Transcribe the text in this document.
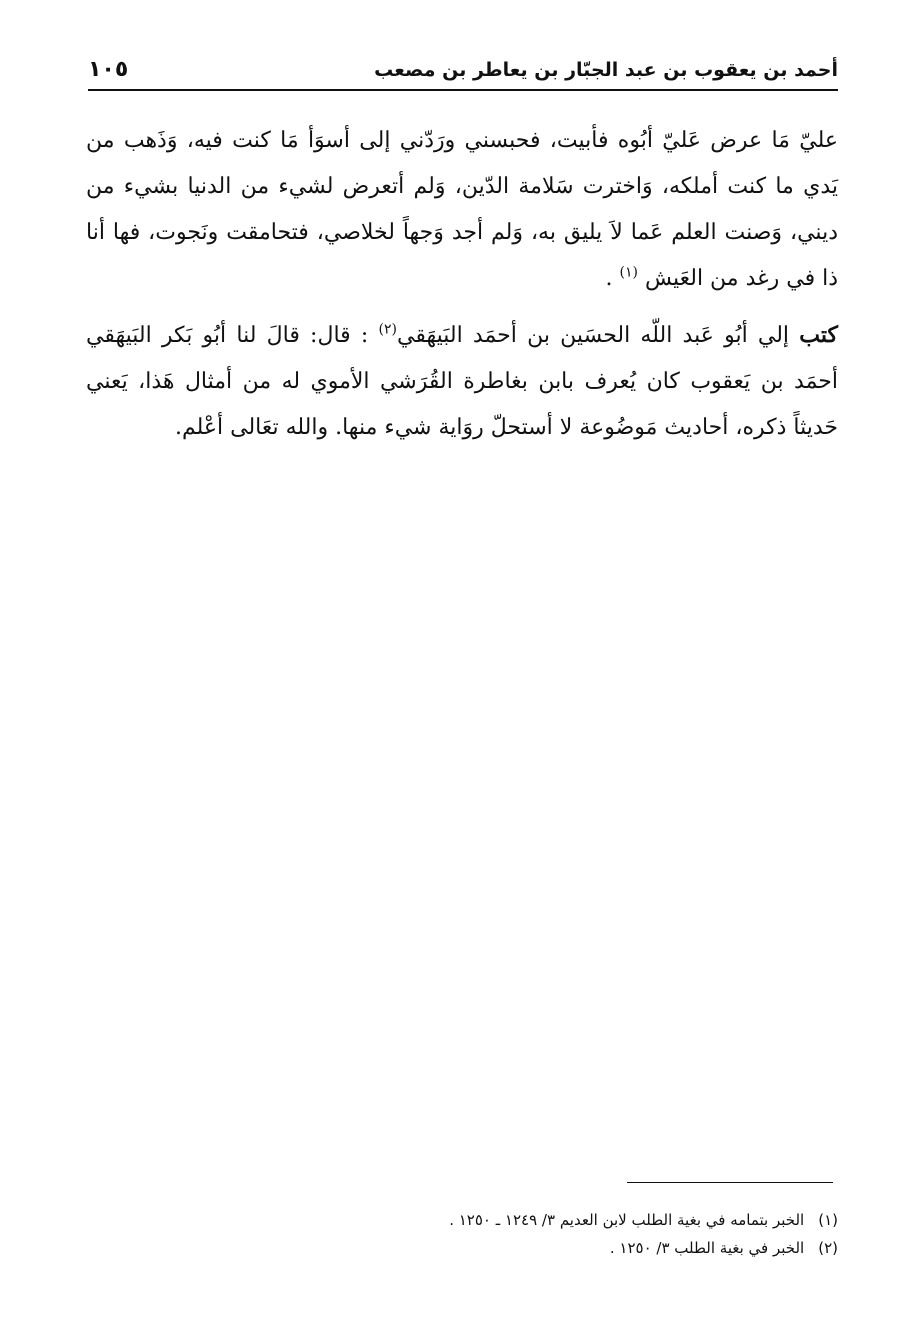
أحمد بن يعقوب بن عبد الجبّار بن يعاطر بن مصعب
١٠٥

عليّ مَا عرض عَليّ أبُوه فأبيت، فحبسني ورَدّني إلى أسوَأ مَا كنت فيه، وَذَهب من يَدي ما كنت أملكه، وَاخترت سَلامة الدّين، وَلم أتعرض لشيء من الدنيا بشيء من ديني، وَصنت العلم عَما لاَ يليق به، وَلم أجد وَجهاً لخلاصي، فتحامقت ونَجوت، فها أنا ذا في رغد من العَيش $^{(١)}$ .

كتب إلي أبُو عَبد اللّه الحسَين بن أحمَد البَيهَقي$^{(٢)}$ : قال: قالَ لنا أبُو بَكر البَيهَقي أحمَد بن يَعقوب كان يُعرف بابن بغاطرة القُرَشي الأموي له من أمثال هَذا، يَعني حَديثاً ذكره، أحاديث مَوضُوعة لا أستحلّ روَاية شيء منها. والله تعَالى أعْلم.

(١)الخبر بتمامه في بغية الطلب لابن العديم ٣/ ١٢٤٩ ـ ١٢٥٠ .
(٢)الخبر في بغية الطلب ٣/ ١٢٥٠ .
